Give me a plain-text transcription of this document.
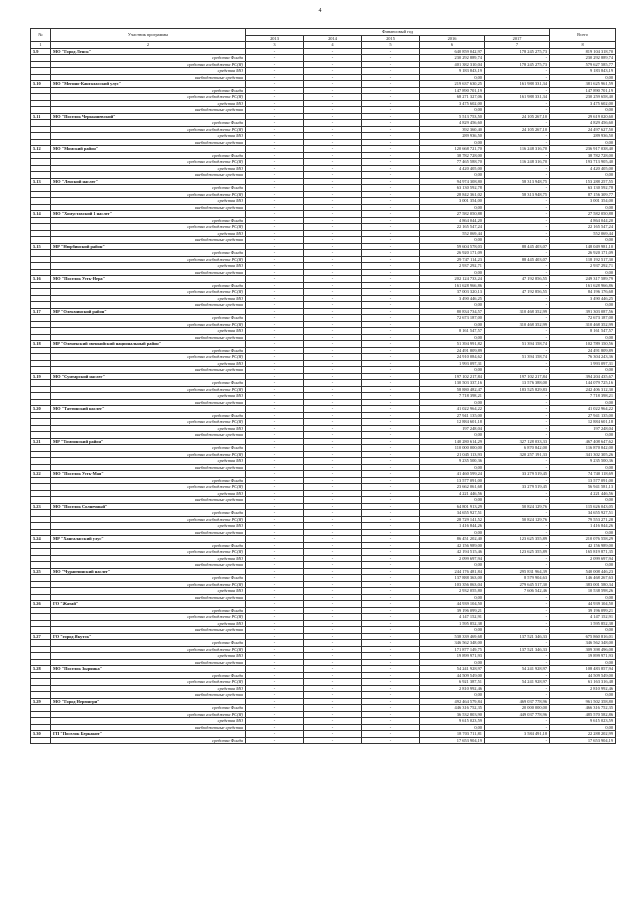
4
№	Участник программы	Финансовый год					Всего
		2013	2014	2015	2016	2017	
1	2	3	4	5	6	7	8
5.9	МО "Город Ленск"	-	-	-	640 859 042,97	178 245 275,73	819 104 318,70
	средства Фонда	-	-	-	230 292 889,74	-	230 292 889,74
	средства госбюджета РС(Я)	-	-	-	401 382 310,04	178 245 275,73	579 627 585,77
	средства МО	-	-	-	9 183 843,19	-	9 183 843,19
	внебюджетные средства	-	-	-	0,00	-	0,00
5.10	МО "Мегино-Кангаласский улус"	-	-	-	219 637 630,25	161 988 331,34	381 625 961,59
	средства Фонда	-	-	-	147 890 701,19	-	147 890 701,19
	средства госбюджета РС(Я)	-	-	-	68 271 327,06	161 988 331,34	230 259 658,40
	средства МО	-	-	-	3 475 602,00	-	3 475 602,00
	внебюджетные средства	-	-	-	0,00	-	0,00
5.11	МО "Поселок Черкышевский"	-	-	-	5 513 753,50	24 105 267,10	29 619 020,60
	средства Фонда	-	-	-	4 829 456,60	-	4 829 456,60
	средства госбюджета РС(Я)	-	-	-	392 360,40	24 105 267,10	24 497 627,50
	средства МО	-	-	-	289 936,50	-	289 936,50
	внебюджетные средства	-	-	-	0,00	-	0,00
5.12	МО "Момский район"	-	-	-	120 668 721,70	116 248 316,70	236 917 038,40
	средства Фонда	-	-	-	38 782 728,00	-	38 782 728,00
	средства госбюджета РС(Я)	-	-	-	77 465 588,70	116 248 316,70	193 713 905,40
	средства МО	-	-	-	4 420 405,00	-	4 420 405,00
	внебюджетные средства	-	-	-	0,00	-	0,00
5.13	МО "Ленский наслег"	-	-	-	94 974 308,80	58 313 948,75	153 288 257,55
	средства Фонда	-	-	-	63 130 592,78	-	63 130 592,78
	средства госбюджета РС(Я)	-	-	-	28 842 361,02	58 313 948,75	87 156 309,77
	средства МО	-	-	-	3 001 354,00	-	3 001 354,00
	внебюджетные средства	-	-	-	0,00	-	0,00
5.14	МО "Хомустахский 1 наслег"	-	-	-	27 582 050,88	-	27 582 050,88
	средства Фонда	-	-	-	4 864 044,20	-	4 864 044,20
	средства госбюджета РС(Я)	-	-	-	22 165 547,24	-	22 165 547,24
	средства МО	-	-	-	552 069,44	-	552 069,44
	внебюджетные средства	-	-	-	0,00	-	0,00
5.15	МР "Нюрбинский район"	-	-	-	59 604 578,03	88 445 403,07	148 049 981,10
	средства Фонда	-	-	-	26 920 171,09	-	26 920 171,09
	средства госбюджета РС(Я)	-	-	-	29 747 114,23	88 445 403,07	118 192 517,30
	средства МО	-	-	-	2 937 292,71	-	2 937 292,71
	внебюджетные средства	-	-	-	0,00	-	0,00
5.16	МО "Поселок Усть-Нера"	-	-	-	202 124 733,24	47 192 856,55	249 317 589,79
	средства Фонда	-	-	-	161 628 966,86	-	161 628 966,86
	средства госбюджета РС(Я)	-	-	-	37 003 320,13	47 192 856,55	84 196 176,68
	средства МО	-	-	-	3 490 446,25	-	3 490 446,25
	внебюджетные средства	-	-	-	0,00	-	0,00
5.17	МР "Олекминский район"	-	-	-	80 834 734,57	310 468 352,99	391 303 087,56
	средства Фонда	-	-	-	72 673 187,00	-	72 673 187,00
	средства госбюджета РС(Я)	-	-	-	0,00	310 468 352,99	310 468 352,99
	средства МО	-	-	-	8 161 547,57	-	8 161 547,57
	внебюджетные средства	-	-	-	0,00	-	0,00
5.18	МР "Оленекский эвенкийский национальный район"	-	-	-	51 394 991,82	51 394 158,74	102 789 150,56
	средства Фонда	-	-	-	24 491 809,89	-	24 491 809,89
	средства госбюджета РС(Я)	-	-	-	24 910 084,62	51 394 158,74	76 304 243,36
	средства МО	-	-	-	1 993 097,31	-	1 993 097,31
	внебюджетные средства	-	-	-	0,00	-	0,00
5.19	МО "Сунтарский наслег"	-	-	-	197 102 217,84	197 102 217,84	394 204 435,67
	средства Фонда	-	-	-	130 503 337,16	13 576 388,00	144 079 725,16
	средства госбюджета РС(Я)	-	-	-	58 880 482,47	183 525 829,83	242 406 312,30
	средства МО	-	-	-	7 718 398,21	-	7 718 398,21
	внебюджетные средства	-	-	-	0,00	-	0,00
5.20	МО "Таттинский наслег"	-	-	-	41 022 964,22	-	41 022 964,22
	средства Фонда	-	-	-	27 941 135,00	-	27 941 135,00
	средства госбюджета РС(Я)	-	-	-	12 884 601,18	-	12 884 601,18
	средства МО	-	-	-	197 248,04	-	197 248,04
	внебюджетные средства	-	-	-	0,00	-	0,00
5.21	МР "Томпонский район"	-	-	-	140 280 614,29	327 128 033,33	467 408 647,62
	средства Фонда	-	-	-	110 000 000,00	6 870 842,00	116 870 842,00
	средства госбюджета РС(Я)	-	-	-	21 045 113,93	320 257 191,33	341 302 305,26
	средства МО	-	-	-	9 235 500,36	-	9 235 500,36
	внебюджетные средства	-	-	-	0,00	-	0,00
5.22	МО "Поселок Усть-Мая"	-	-	-	41 460 599,24	33 279 519,45	74 740 118,69
	средства Фонда	-	-	-	13 577 091,00	-	13 577 091,00
	средства госбюджета РС(Я)	-	-	-	23 662 061,68	33 279 519,45	56 941 581,13
	средства МО	-	-	-	4 221 446,56	-	4 221 446,56
	внебюджетные средства	-	-	-	0,00	-	0,00
5.23	МО "Поселок Солнечный"	-	-	-	64 801 913,29	50 824 129,76	115 626 043,05
	средства Фонда	-	-	-	34 655 927,51	-	34 655 927,51
	средства госбюджета РС(Я)	-	-	-	28 729 141,52	50 824 129,76	79 553 271,28
	средства МО	-	-	-	1 416 844,26	-	1 416 844,26
	внебюджетные средства	-	-	-	0,00	-	0,00
5.24	МР "Хангаласский улус"	-	-	-	86 451 202,40	123 625 355,89	210 076 558,29
	средства Фонда	-	-	-	42 156 989,00	-	42 156 989,00
	средства госбюджета РС(Я)	-	-	-	42 194 515,46	123 625 355,89	165 819 871,35
	средства МО	-	-	-	2 099 697,94	-	2 099 697,94
	внебюджетные средства	-	-	-	0,00	-	0,00
5.25	МО "Чурапчинский наслег"	-	-	-	244 176 481,84	295 831 964,39	540 008 446,23
	средства Фонда	-	-	-	137 888 363,00	8 579 904,63	146 468 267,63
	средства госбюджета РС(Я)	-	-	-	103 356 063,04	279 645 517,30	383 001 580,34
	средства МО	-	-	-	2 932 055,80	7 606 542,46	10 538 598,26
	внебюджетные средства	-	-	-	0,00	-	0,00
5.26	ГО "Жатай"	-	-	-	44 939 104,50	-	44 939 104,50
	средства Фонда	-	-	-	39 196 099,21	-	39 196 099,21
	средства госбюджета РС(Я)	-	-	-	4 147 152,91	-	4 147 152,91
	средства МО	-	-	-	1 595 852,38	-	1 595 852,38
	внебюджетные средства	-	-	-	0,00	-	0,00
5.27	ГО "город Якутск"	-	-	-	538 339 469,68	137 521 346,33	675 860 816,01
	средства Фонда	-	-	-	346 562 348,00	-	346 562 348,00
	средства госбюджета РС(Я)	-	-	-	171 877 149,75	137 521 346,33	309 398 496,08
	средства МО	-	-	-	19 899 971,93	-	19 899 971,93
	внебюджетные средства	-	-	-	0,00	-	0,00
5.28	МО "Поселок Зырянка"	-	-	-	54 241 928,97	54 241 928,97	108 483 857,94
	средства Фонда	-	-	-	44 509 549,00	-	44 509 549,00
	средства госбюджета РС(Я)	-	-	-	6 921 387,51	54 241 928,97	61 163 316,48
	средства МО	-	-	-	2 810 992,46	-	2 810 992,46
	внебюджетные средства	-	-	-	0,00	-	0,00
5.29	МО "Город Нерюнгри"	-	-	-	492 464 579,84	469 037 778,96	961 502 358,80
	средства Фонда	-	-	-	446 316 752,35	20 000 000,00	466 316 752,35
	средства госбюджета РС(Я)	-	-	-	36 532 803,90	449 037 778,96	485 570 582,86
	средства МО	-	-	-	9 615 023,59	-	9 615 023,59
	внебюджетные средства	-	-	-	0,00	-	0,00
5.30	ГП "Поселок Беркакит"	-	-	-	18 703 711,81	3 584 491,18	22 288 202,99
	средства Фонда	-	-	-	17 653 904,19	-	17 653 904,19
